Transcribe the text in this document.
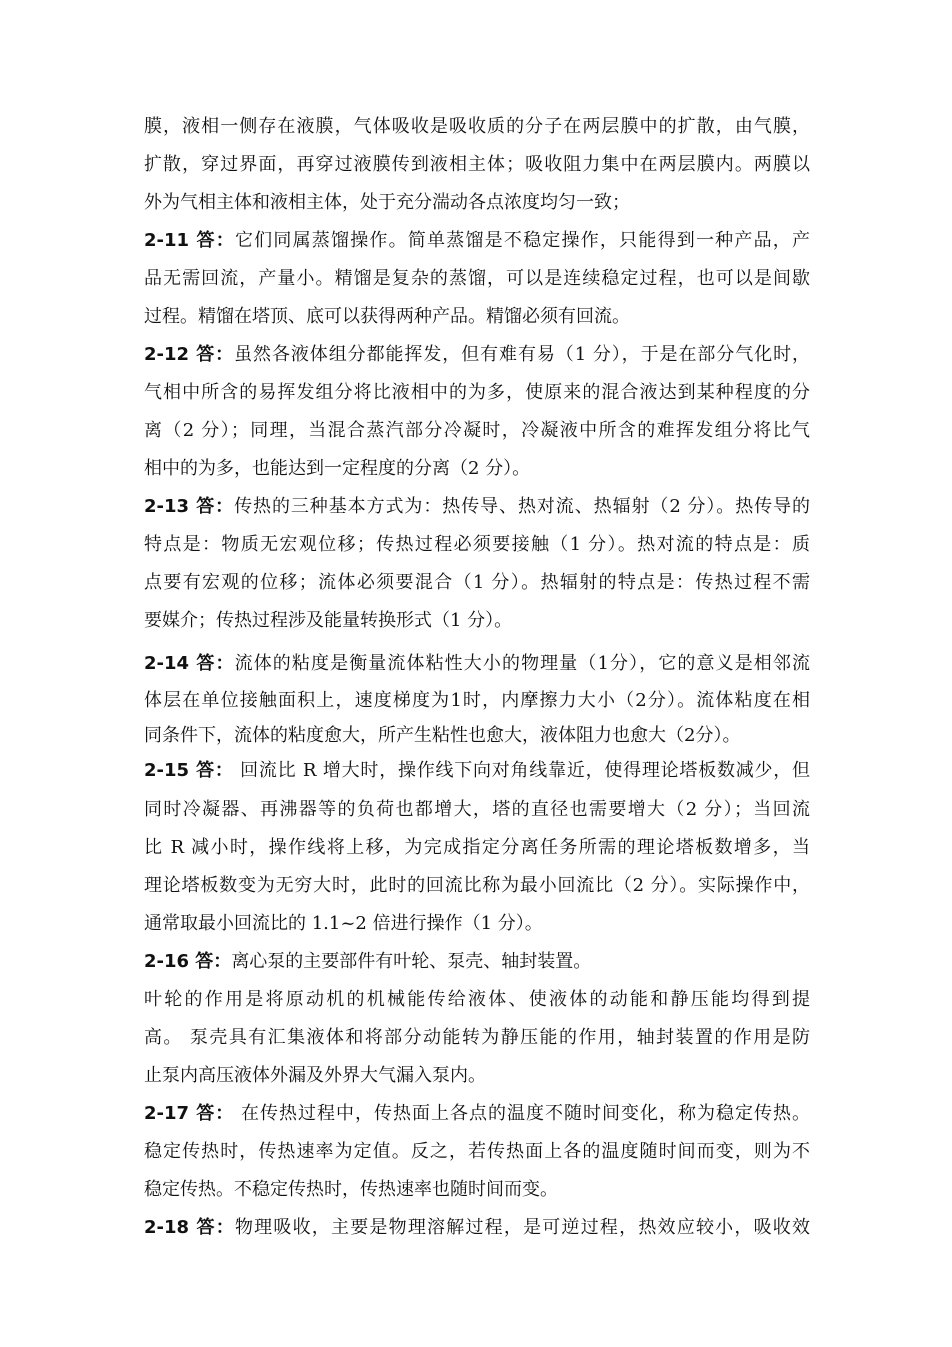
膜，液相一侧存在液膜，气体吸收是吸收质的分子在两层膜中的扩散，由气膜，
扩散，穿过界面，再穿过液膜传到液相主体；吸收阻力集中在两层膜内。两膜以
外为气相主体和液相主体，处于充分湍动各点浓度均匀一致；
2-11 答：它们同属蒸馏操作。简单蒸馏是不稳定操作，只能得到一种产品，产
品无需回流，产量小。精馏是复杂的蒸馏，可以是连续稳定过程，也可以是间歇
过程。精馏在塔顶、底可以获得两种产品。精馏必须有回流。
2-12 答：虽然各液体组分都能挥发，但有难有易（1 分），于是在部分气化时，
气相中所含的易挥发组分将比液相中的为多，使原来的混合液达到某种程度的分
离（2 分）；同理，当混合蒸汽部分冷凝时，冷凝液中所含的难挥发组分将比气
相中的为多，也能达到一定程度的分离（2 分）。
2-13 答：传热的三种基本方式为：热传导、热对流、热辐射（2 分）。热传导的
特点是：物质无宏观位移；传热过程必须要接触（1 分）。热对流的特点是：质
点要有宏观的位移；流体必须要混合（1 分）。热辐射的特点是：传热过程不需
要媒介；传热过程涉及能量转换形式（1 分）。
2-14 答：流体的粘度是衡量流体粘性大小的物理量（1分），它的意义是相邻流
体层在单位接触面积上，速度梯度为1时，内摩擦力大小（2分）。流体粘度在相
同条件下，流体的粘度愈大，所产生粘性也愈大，液体阻力也愈大（2分）。
2-15 答： 回流比 R 增大时，操作线下向对角线靠近，使得理论塔板数减少，但
同时冷凝器、再沸器等的负荷也都增大，塔的直径也需要增大（2 分）；当回流
比 R 减小时，操作线将上移，为完成指定分离任务所需的理论塔板数增多，当
理论塔板数变为无穷大时，此时的回流比称为最小回流比（2 分）。实际操作中，
通常取最小回流比的 1.1~2 倍进行操作（1 分）。
2-16 答：离心泵的主要部件有叶轮、泵壳、轴封装置。
叶轮的作用是将原动机的机械能传给液体、使液体的动能和静压能均得到提
高。 泵壳具有汇集液体和将部分动能转为静压能的作用，轴封装置的作用是防
止泵内高压液体外漏及外界大气漏入泵内。
2-17 答： 在传热过程中，传热面上各点的温度不随时间变化，称为稳定传热。
稳定传热时，传热速率为定值。反之，若传热面上各的温度随时间而变，则为不
稳定传热。不稳定传热时，传热速率也随时间而变。
2-18 答：物理吸收，主要是物理溶解过程，是可逆过程，热效应较小，吸收效
